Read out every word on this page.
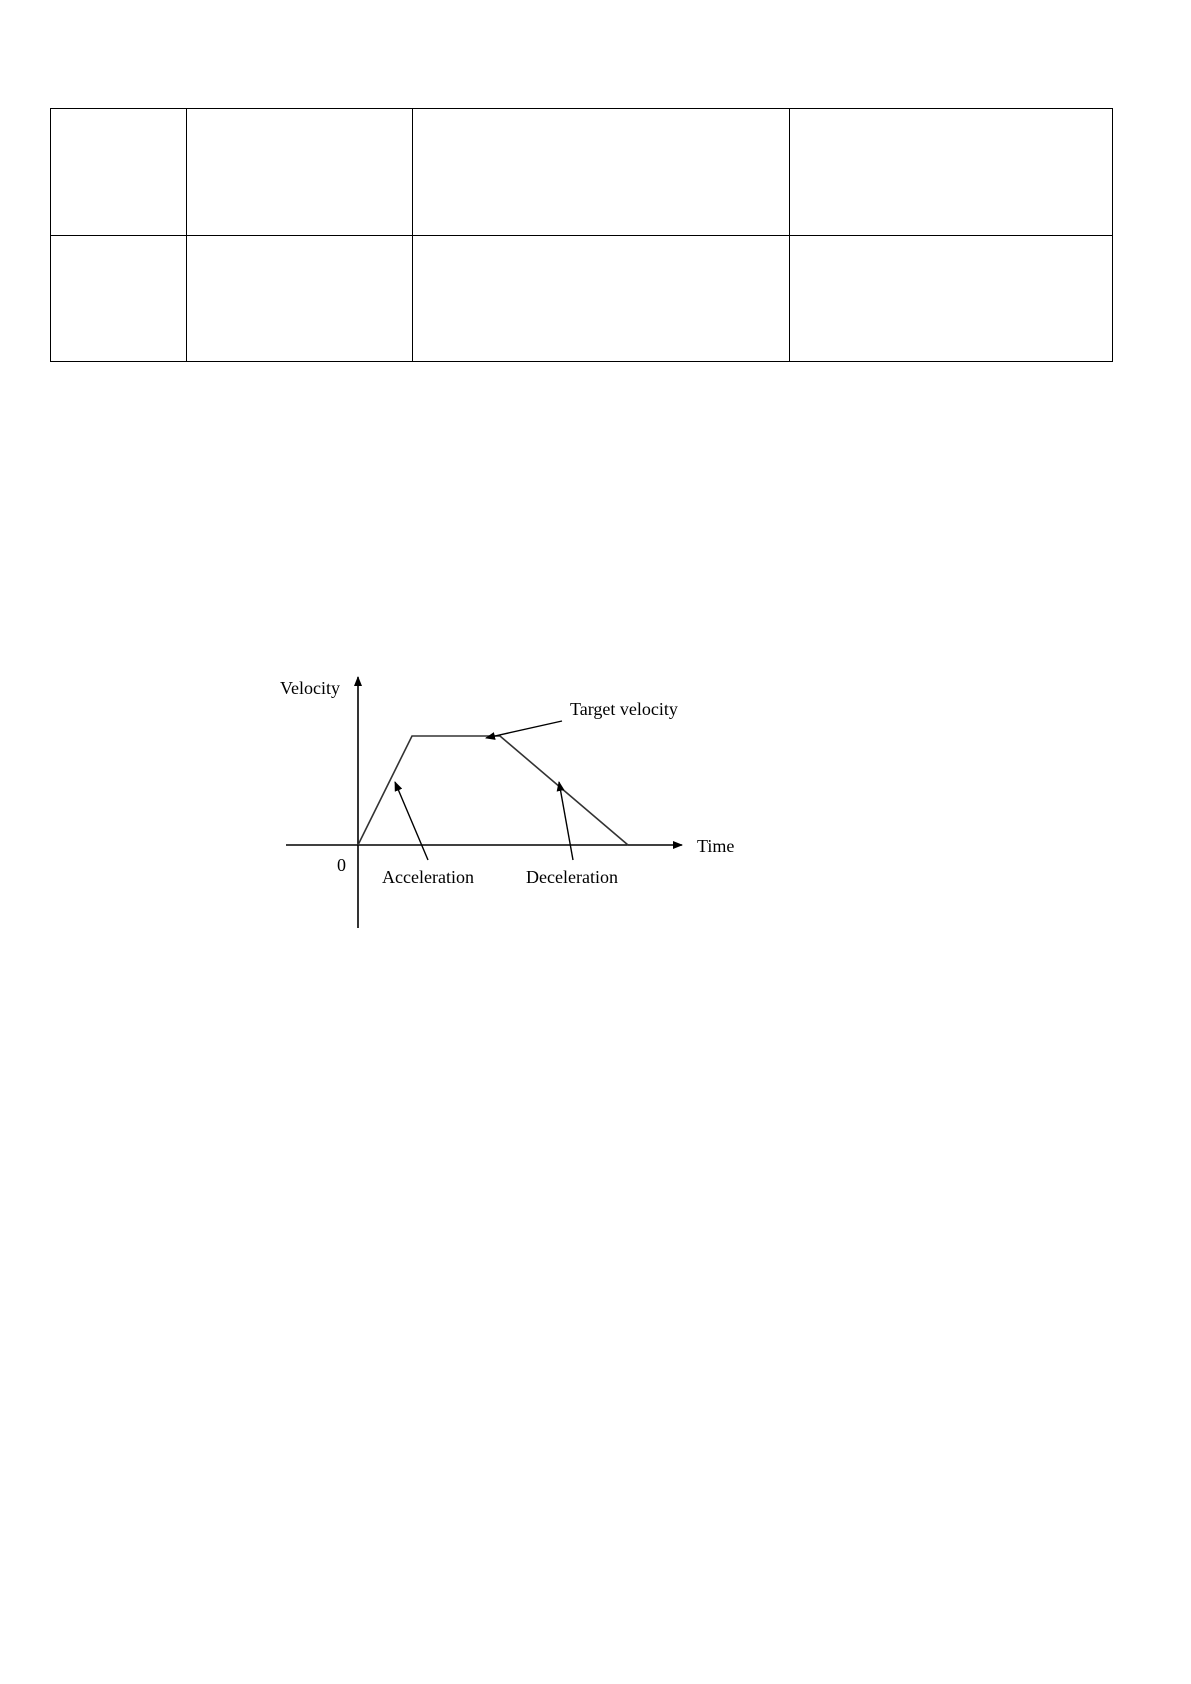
Velocity
Time
0
Target velocity
Acceleration	Deceleration
